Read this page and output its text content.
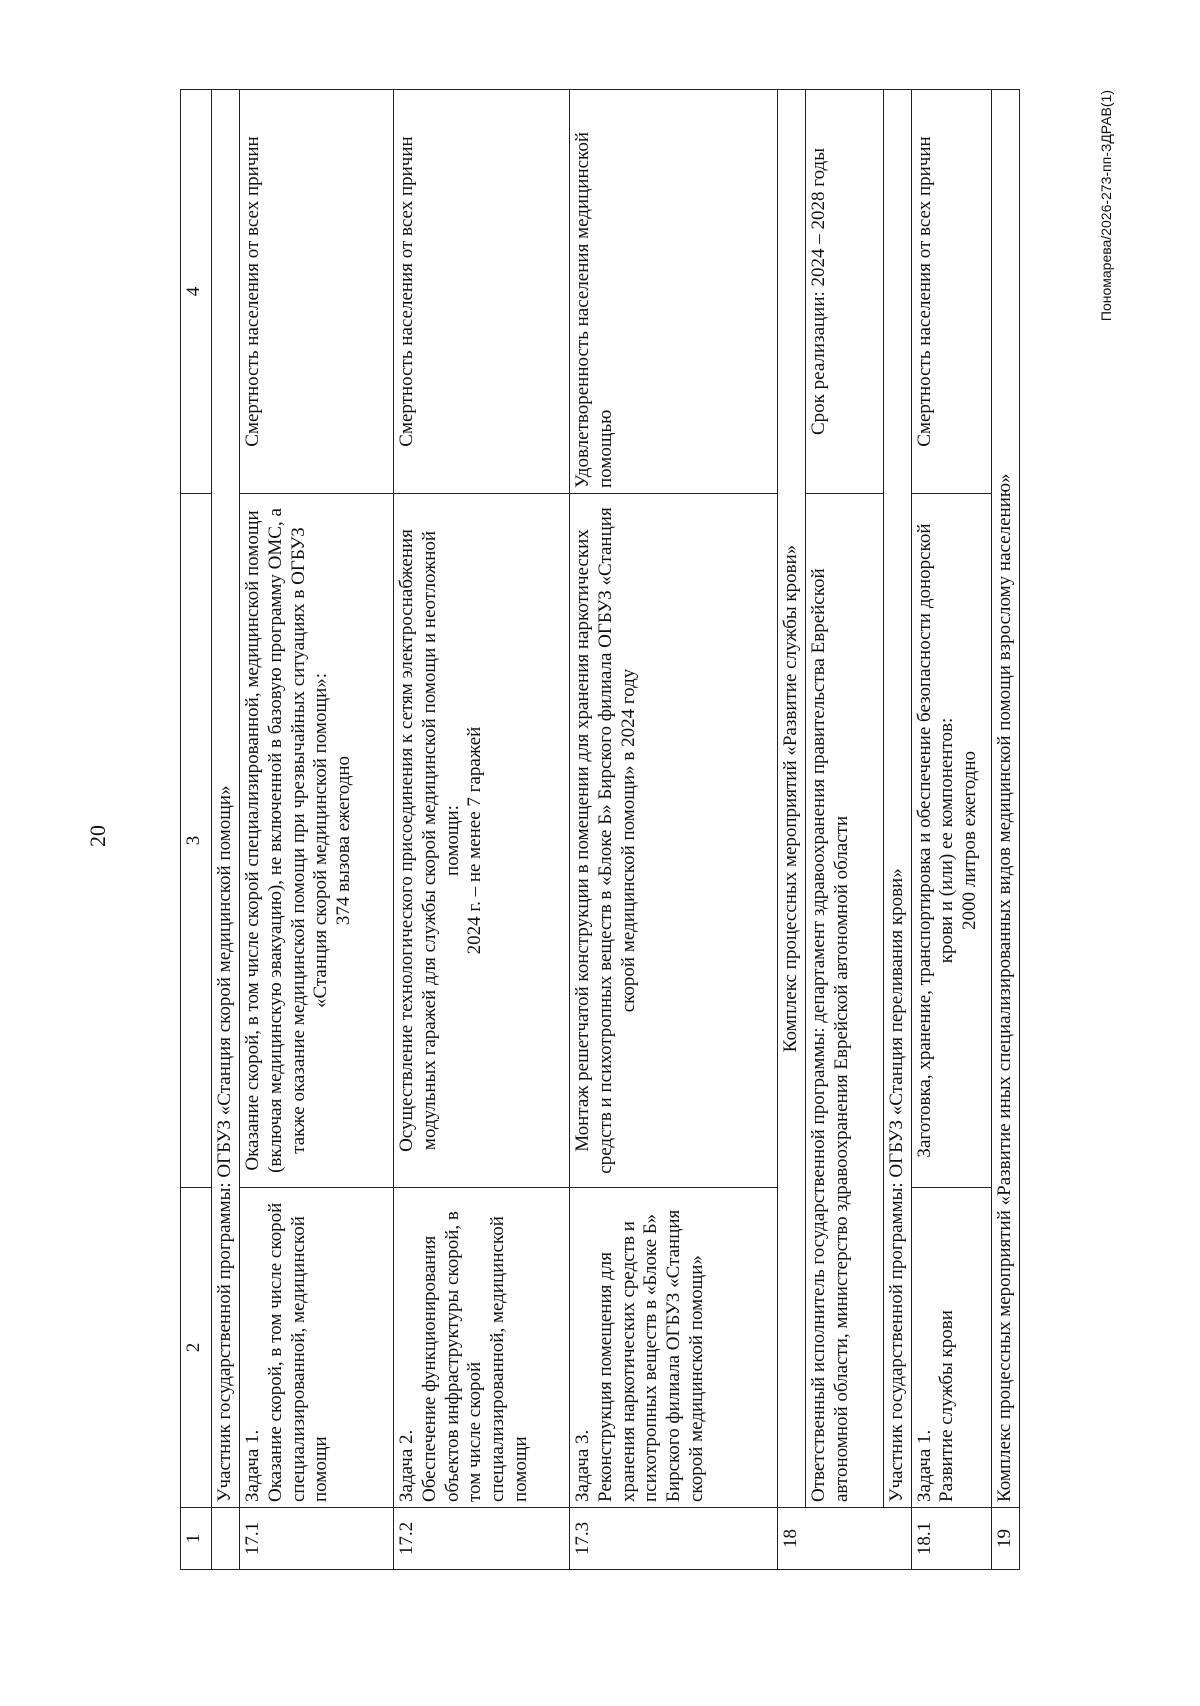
20
1	2	3	4
	Участник государственной программы: ОГБУЗ «Станция скорой медицинской помощи»		
17.1	Задача 1. Оказание скорой, в том числе скорой специализированной, медицинской помощи	Оказание скорой, в том числе скорой специализированной, медицинской помощи (включая медицинскую эвакуацию), не включенной в базовую программу ОМС, а также оказание медицинской помощи при чрезвычайных ситуациях в ОГБУЗ «Станция скорой медицинской помощи»: 374 вызова ежегодно	Смертность населения от всех причин
17.2	Задача 2. Обеспечение функционирования объектов инфраструктуры скорой, в том числе скорой специализированной, медицинской помощи	Осуществление технологического присоединения к сетям электроснабжения модульных гаражей для службы скорой медицинской помощи и неотложной помощи: 2024 г. – не менее 7 гаражей	Смертность населения от всех причин
17.3	Задача 3. Реконструкция помещения для хранения наркотических средств и психотропных веществ в «Блоке Б» Бирского филиала ОГБУЗ «Станция скорой медицинской помощи»	Монтаж решетчатой конструкции в помещении для хранения наркотических средств и психотропных веществ в «Блоке Б» Бирского филиала ОГБУЗ «Станция скорой медицинской помощи» в 2024 году	Удовлетворенность населения медицинской помощью
18	Комплекс процессных мероприятий «Развитие службы крови»		
	Ответственный исполнитель государственной программы: департамент здравоохранения правительства Еврейской автономной области, министерство здравоохранения Еврейской автономной области		Срок реализации: 2024 – 2028 годы
	Участник государственной программы: ОГБУЗ «Станция переливания крови»		
18.1	Задача 1. Развитие службы крови	Заготовка, хранение, транспортировка и обеспечение безопасности донорской крови и (или) ее компонентов: 2000 литров ежегодно	Смертность населения от всех причин
19	Комплекс процессных мероприятий «Развитие иных специализированных видов медицинской помощи взрослому населению»		
Пономарева/2026-273-пп-ЗДРАВ(1)
